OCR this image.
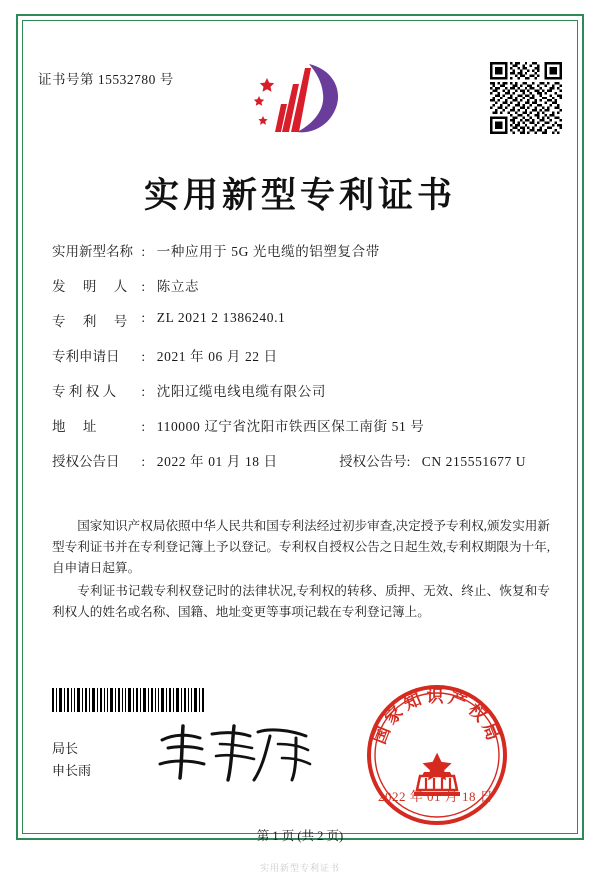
证书号第 15532780 号
实用新型专利证书
实用新型名称 : 一种应用于 5G 光电缆的铝塑复合带
发 明 人 : 陈立志
专 利 号 : ZL 2021 2 1386240.1
专利申请日 : 2021 年 06 月 22 日
专 利 权 人 : 沈阳辽缆电线电缆有限公司
地 址	: 110000 辽宁省沈阳市铁西区保工南街 51 号
授权公告日 : 2022 年 01 月 18 日	授权公告号: CN 215551677 U

国家知识产权局依照中华人民共和国专利法经过初步审查,决定授予专利权,颁发实用新型专利证书并在专利登记簿上予以登记。专利权自授权公告之日起生效,专利权期限为十年,自申请日起算。

专利证书记载专利权登记时的法律状况,专利权的转移、质押、无效、终止、恢复和专利权人的姓名或名称、国籍、地址变更等事项记载在专利登记簿上。

局长
申长雨
国家知识产权局
2022 年 01 月 18 日
第 1 页 (共 2 页)
实用新型专利证书
